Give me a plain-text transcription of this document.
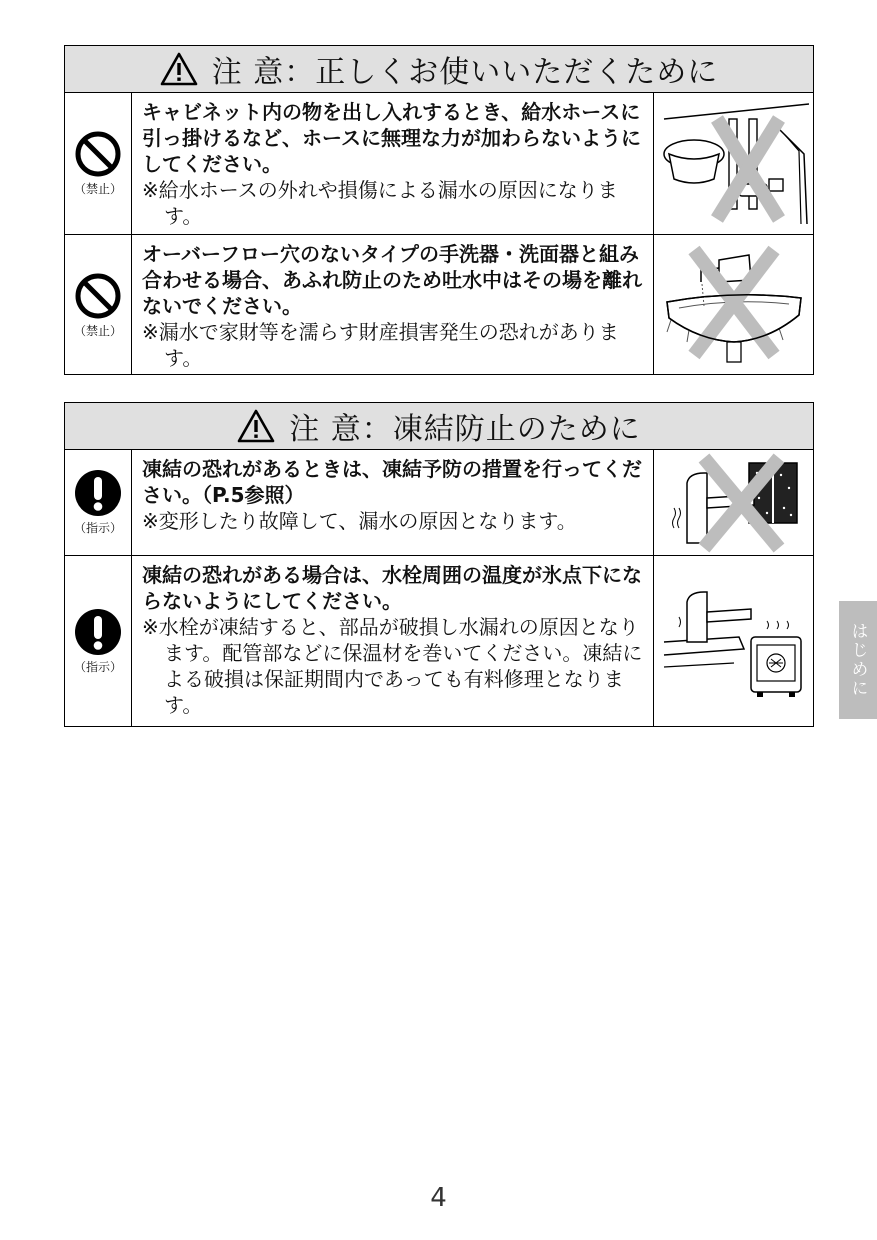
注 意：正しくお使いいただくために
（禁止）
キャビネット内の物を出し入れするとき、給水ホースに引っ掛けるなど、ホースに無理な力が加わらないようにしてください。
※給水ホースの外れや損傷による漏水の原因になります。
（禁止）
オーバーフロー穴のないタイプの手洗器・洗面器と組み合わせる場合、あふれ防止のため吐水中はその場を離れないでください。
※漏水で家財等を濡らす財産損害発生の恐れがあります。
注 意：凍結防止のために
（指示）
凍結の恐れがあるときは、凍結予防の措置を行ってください。（P.5参照）
※変形したり故障して、漏水の原因となります。
（指示）
凍結の恐れがある場合は、水栓周囲の温度が氷点下にならないようにしてください。
※水栓が凍結すると、部品が破損し水漏れの原因となります。配管部などに保温材を巻いてください。凍結による破損は保証期間内であっても有料修理となります。
はじめに
4
